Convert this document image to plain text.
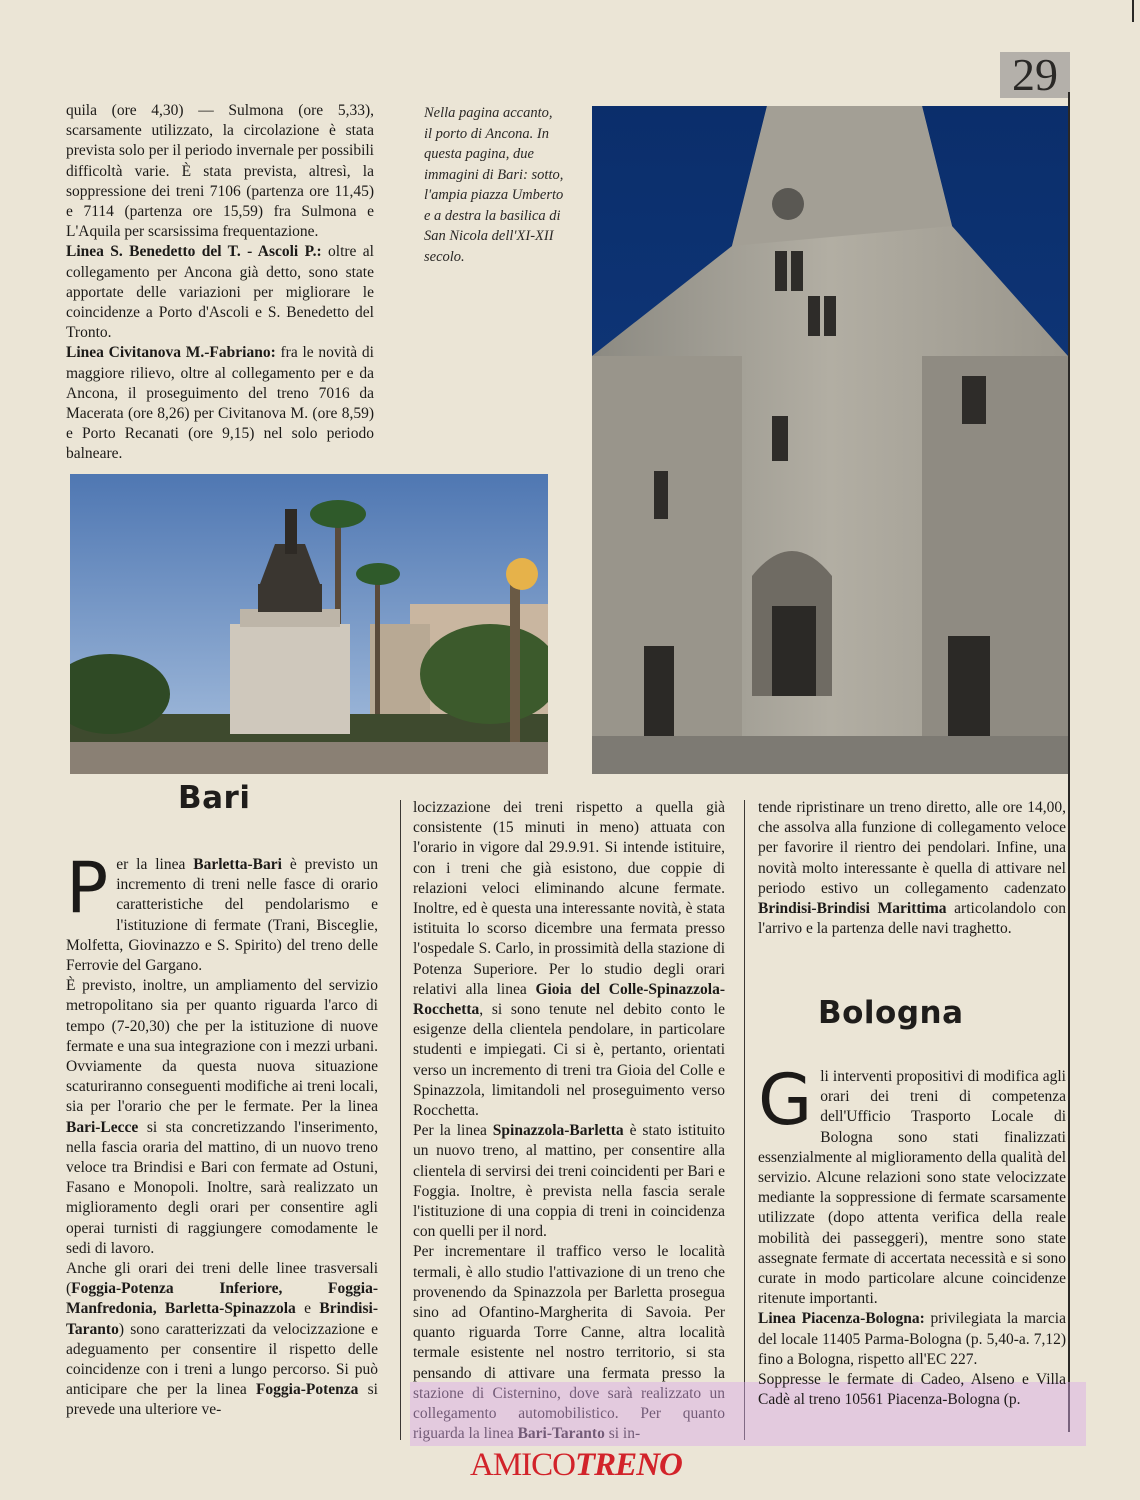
29

quila (ore 4,30) — Sulmona (ore 5,33), scarsamente utilizzato, la circolazione è stata prevista solo per il periodo invernale per possibili difficoltà varie. È stata prevista, altresì, la soppressione dei treni 7106 (partenza ore 11,45) e 7114 (partenza ore 15,59) fra Sulmona e L'Aquila per scarsissima frequentazione.

Linea S. Benedetto del T. - Ascoli P.: oltre al collegamento per Ancona già detto, sono state apportate delle variazioni per migliorare le coincidenze a Porto d'Ascoli e S. Benedetto del Tronto.

Linea Civitanova M.-Fabriano: fra le novità di maggiore rilievo, oltre al collegamento per e da Ancona, il proseguimento del treno 7016 da Macerata (ore 8,26) per Civitanova M. (ore 8,59) e Porto Recanati (ore 9,15) nel solo periodo balneare.

Nella pagina accanto, il porto di Ancona. In questa pagina, due immagini di Bari: sotto, l'ampia piazza Umberto e a destra la basilica di San Nicola dell'XI-XII secolo.
Bari

Per la linea Barletta-Bari è previsto un incremento di treni nelle fasce di orario caratteristiche del pendolarismo e l'istituzione di fermate (Trani, Bisceglie, Molfetta, Giovinazzo e S. Spirito) del treno delle Ferrovie del Gargano.

È previsto, inoltre, un ampliamento del servizio metropolitano sia per quanto riguarda l'arco di tempo (7-20,30) che per la istituzione di nuove fermate e una sua integrazione con i mezzi urbani. Ovviamente da questa nuova situazione scaturiranno conseguenti modifiche ai treni locali, sia per l'orario che per le fermate. Per la linea Bari-Lecce si sta concretizzando l'inserimento, nella fascia oraria del mattino, di un nuovo treno veloce tra Brindisi e Bari con fermate ad Ostuni, Fasano e Monopoli. Inoltre, sarà realizzato un miglioramento degli orari per consentire agli operai turnisti di raggiungere comodamente le sedi di lavoro.

Anche gli orari dei treni delle linee trasversali (Foggia-Potenza Inferiore, Foggia-Manfredonia, Barletta-Spinazzola e Brindisi-Taranto) sono caratterizzati da velocizzazione e adeguamento per consentire il rispetto delle coincidenze con i treni a lungo percorso. Si può anticipare che per la linea Foggia-Potenza si prevede una ulteriore ve-

locizzazione dei treni rispetto a quella già consistente (15 minuti in meno) attuata con l'orario in vigore dal 29.9.91. Si intende istituire, con i treni che già esistono, due coppie di relazioni veloci eliminando alcune fermate. Inoltre, ed è questa una interessante novità, è stata istituita lo scorso dicembre una fermata presso l'ospedale S. Carlo, in prossimità della stazione di Potenza Superiore. Per lo studio degli orari relativi alla linea Gioia del Colle-Spinazzola-Rocchetta, si sono tenute nel debito conto le esigenze della clientela pendolare, in particolare studenti e impiegati. Ci si è, pertanto, orientati verso un incremento di treni tra Gioia del Colle e Spinazzola, limitandoli nel proseguimento verso Rocchetta.

Per la linea Spinazzola-Barletta è stato istituito un nuovo treno, al mattino, per consentire alla clientela di servirsi dei treni coincidenti per Bari e Foggia. Inoltre, è prevista nella fascia serale l'istituzione di una coppia di treni in coincidenza con quelli per il nord.

Per incrementare il traffico verso le località termali, è allo studio l'attivazione di un treno che provenendo da Spinazzola per Barletta prosegua sino ad Ofantino-Margherita di Savoia. Per quanto riguarda Torre Canne, altra località termale esistente nel nostro territorio, si sta pensando di attivare una fermata presso la stazione di Cisternino, dove sarà realizzato un collegamento automobilistico. Per quanto riguarda la linea Bari-Taranto si in-

tende ripristinare un treno diretto, alle ore 14,00, che assolva alla funzione di collegamento veloce per favorire il rientro dei pendolari. Infine, una novità molto interessante è quella di attivare nel periodo estivo un collegamento cadenzato Brindisi-Brindisi Marittima articolandolo con l'arrivo e la partenza delle navi traghetto.

Bologna

Gli interventi propositivi di modifica agli orari dei treni di competenza dell'Ufficio Trasporto Locale di Bologna sono stati finalizzati essenzialmente al miglioramento della qualità del servizio. Alcune relazioni sono state velocizzate mediante la soppressione di fermate scarsamente utilizzate (dopo attenta verifica della reale mobilità dei passeggeri), mentre sono state assegnate fermate di accertata necessità e si sono curate in modo particolare alcune coincidenze ritenute importanti.

Linea Piacenza-Bologna: privilegiata la marcia del locale 11405 Parma-Bologna (p. 5,40-a. 7,12) fino a Bologna, rispetto all'EC 227.

Soppresse le fermate di Cadeo, Alseno e Villa Cadè al treno 10561 Piacenza-Bologna (p.

AMICOTRENO
